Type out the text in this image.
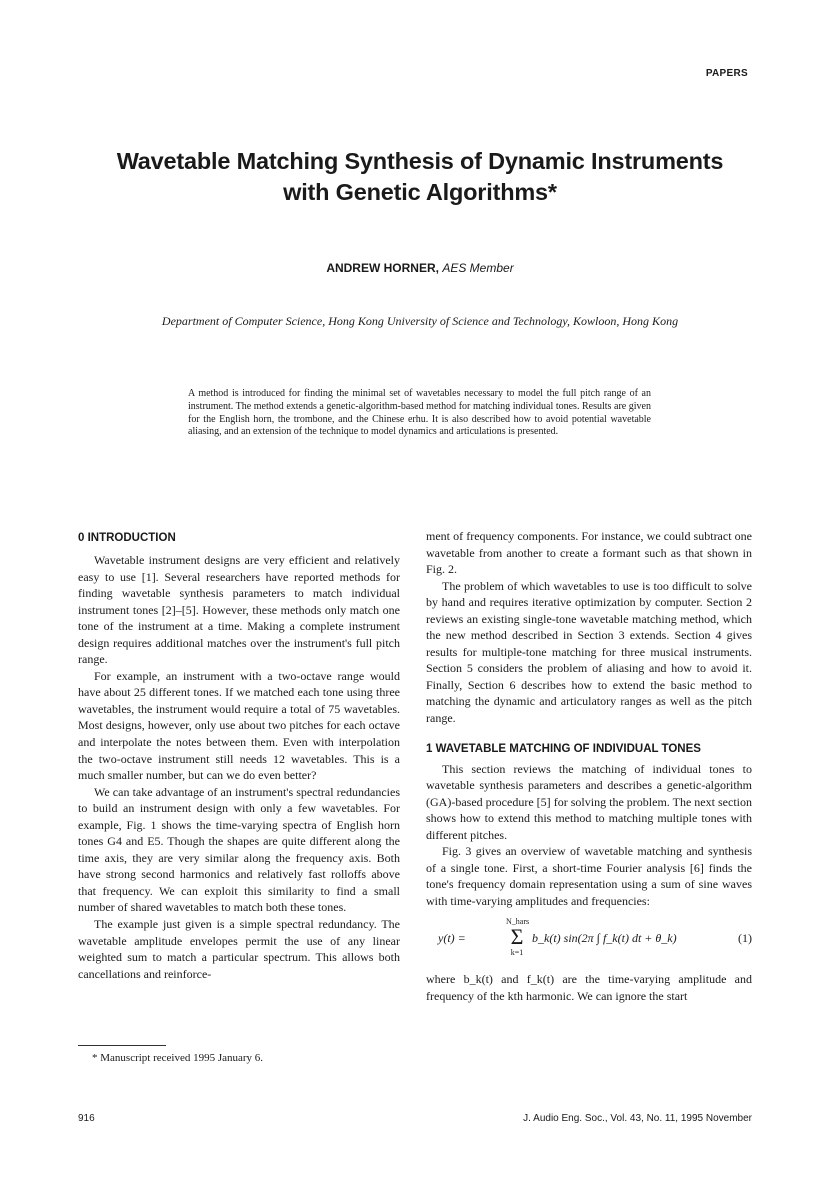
PAPERS
Wavetable Matching Synthesis of Dynamic Instruments
with Genetic Algorithms*
ANDREW HORNER, AES Member
Department of Computer Science, Hong Kong University of Science and Technology, Kowloon, Hong Kong
A method is introduced for finding the minimal set of wavetables necessary to model the full pitch range of an instrument. The method extends a genetic-algorithm-based method for matching individual tones. Results are given for the English horn, the trombone, and the Chinese erhu. It is also described how to avoid potential wavetable aliasing, and an extension of the technique to model dynamics and articulations is presented.
0 INTRODUCTION

Wavetable instrument designs are very efficient and relatively easy to use [1]. Several researchers have reported methods for finding wavetable synthesis parameters to match individual instrument tones [2]–[5]. However, these methods only match one tone of the instrument at a time. Making a complete instrument design requires additional matches over the instrument's full pitch range.

For example, an instrument with a two-octave range would have about 25 different tones. If we matched each tone using three wavetables, the instrument would require a total of 75 wavetables. Most designs, however, only use about two pitches for each octave and interpolate the notes between them. Even with interpolation the two-octave instrument still needs 12 wavetables. This is a much smaller number, but can we do even better?

We can take advantage of an instrument's spectral redundancies to build an instrument design with only a few wavetables. For example, Fig. 1 shows the time-varying spectra of English horn tones G4 and E5. Though the shapes are quite different along the time axis, they are very similar along the frequency axis. Both have strong second harmonics and relatively fast rolloffs above that frequency. We can exploit this similarity to find a small number of shared wavetables to match both these tones.

The example just given is a simple spectral redundancy. The wavetable amplitude envelopes permit the use of any linear weighted sum to match a particular spectrum. This allows both cancellations and reinforce-

ment of frequency components. For instance, we could subtract one wavetable from another to create a formant such as that shown in Fig. 2.

The problem of which wavetables to use is too difficult to solve by hand and requires iterative optimization by computer. Section 2 reviews an existing single-tone wavetable matching method, which the new method described in Section 3 extends. Section 4 gives results for multiple-tone matching for three musical instruments. Section 5 considers the problem of aliasing and how to avoid it. Finally, Section 6 describes how to extend the basic method to matching the dynamic and articulatory ranges as well as the pitch range.

1 WAVETABLE MATCHING OF INDIVIDUAL TONES

This section reviews the matching of individual tones to wavetable synthesis parameters and describes a genetic-algorithm (GA)-based procedure [5] for solving the problem. The next section shows how to extend this method to matching multiple tones with different pitches.

Fig. 3 gives an overview of wavetable matching and synthesis of a single tone. First, a short-time Fourier analysis [6] finds the tone's frequency domain representation using a sum of sine waves with time-varying amplitudes and frequencies:

y(t) =
N_hars
Σ
k=1
b_k(t) sin(2π ∫ f_k(t) dt + θ_k)	(1)

where b_k(t) and f_k(t) are the time-varying amplitude and frequency of the kth harmonic. We can ignore the start

* Manuscript received 1995 January 6.
916	J. Audio Eng. Soc., Vol. 43, No. 11, 1995 November
